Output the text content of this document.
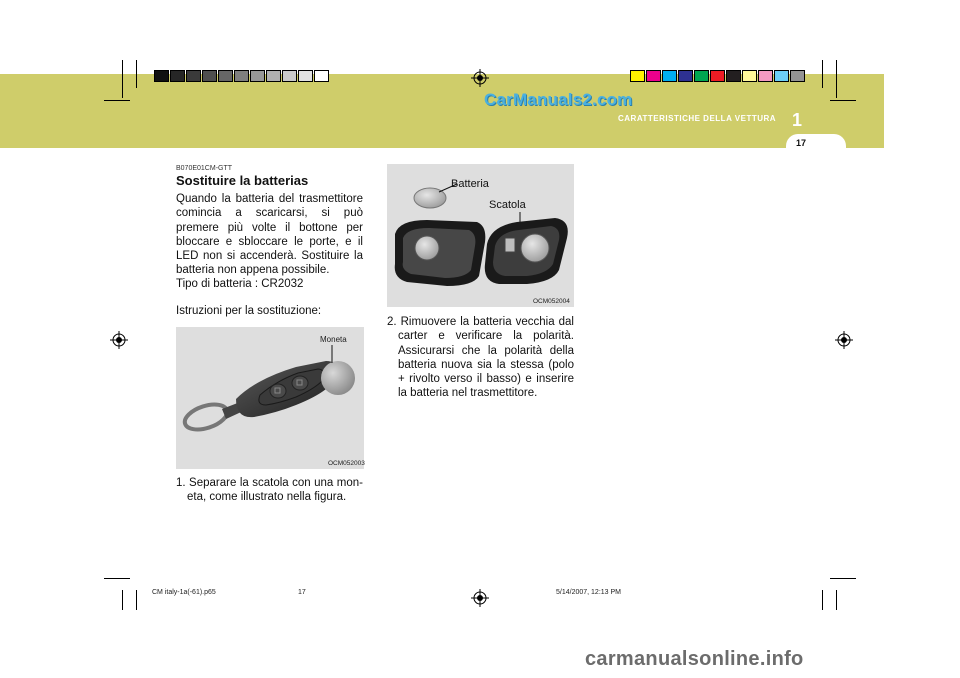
CarManuals2.com
CARATTERISTICHE DELLA VETTURA 1
17
B070E01CM-GTT
Sostituire la batterias
Quando la batteria del trasmettitore comincia a scaricarsi, si può premere più volte il bottone per bloccare e sbloccare le porte, e il LED non si accenderà. Sostituire la batteria non appena possibile.
Tipo di batteria : CR2032
Istruzioni per la sostituzione:
Moneta
OCM052003
1. Separare la scatola con una mon- eta, come illustrato nella figura.
Batteria
Scatola
OCM052004
2. Rimuovere la batteria vecchia dal carter e verificare la polarità. Assicurarsi che la polarità della batteria nuova sia la stessa (polo + rivolto verso il basso) e inserire la batteria nel trasmettitore.
CM italy-1a(-61).p65	17	5/14/2007, 12:13 PM
carmanualsonline.info
